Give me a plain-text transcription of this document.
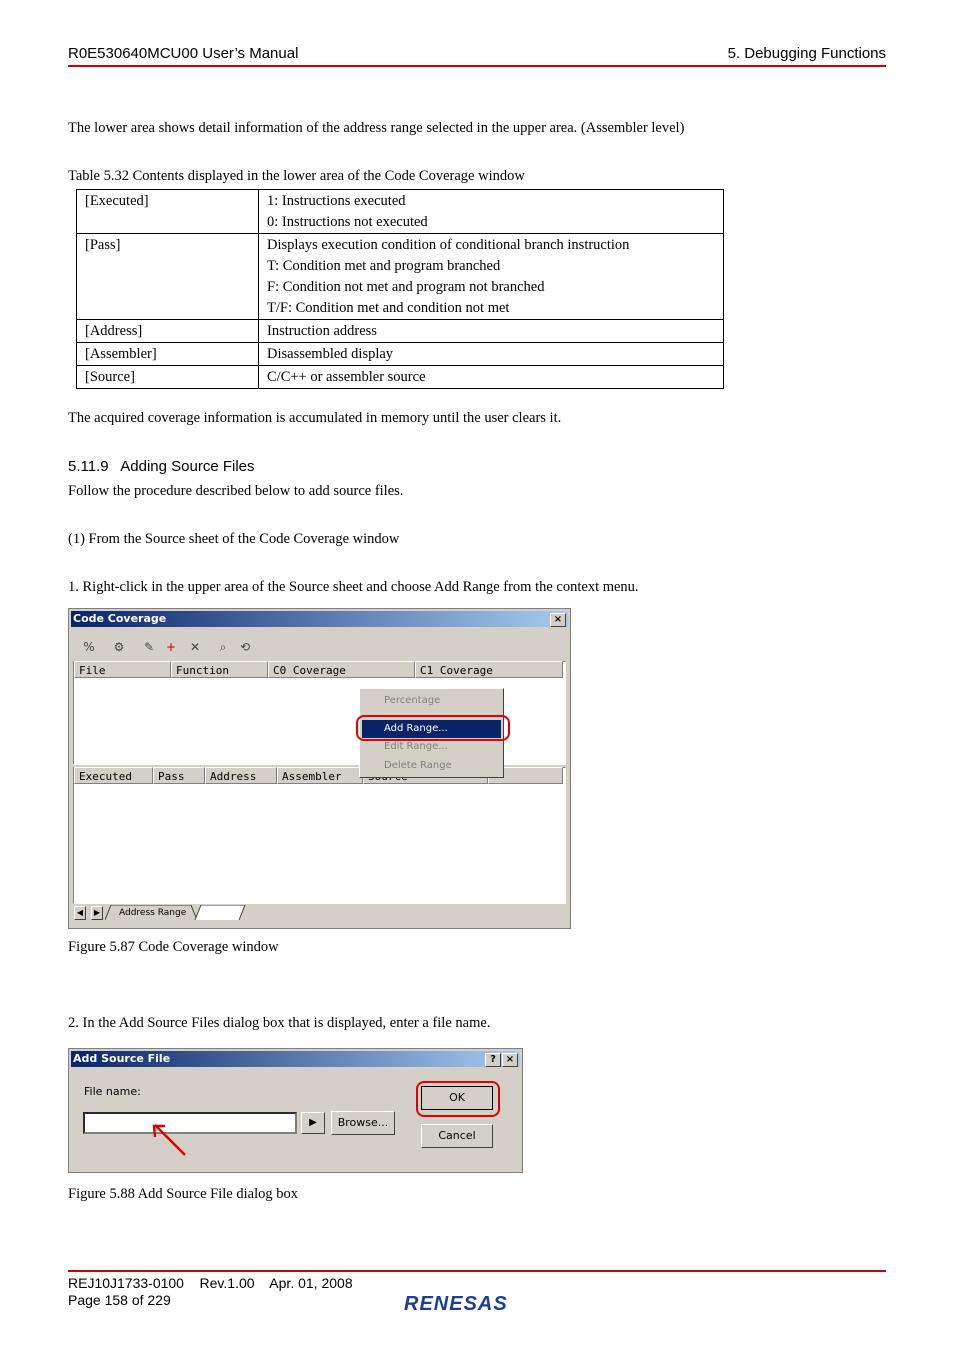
R0E530640MCU00 User’s Manual	5. Debugging Functions
The lower area shows detail information of the address range selected in the upper area. (Assembler level)
Table 5.32 Contents displayed in the lower area of the Code Coverage window
[Executed]	1: Instructions executed
0: Instructions not executed

[Pass]	Displays execution condition of conditional branch instruction
T: Condition met and program branched
F: Condition not met and program not branched
T/F: Condition met and condition not met

[Address]	Instruction address
[Assembler]	Disassembled display
[Source]	C/C++ or assembler source
The acquired coverage information is accumulated in memory until the user clears it.
5.11.9   Adding Source Files
Follow the procedure described below to add source files.
(1) From the Source sheet of the Code Coverage window
1. Right-click in the upper area of the Source sheet and choose Add Range from the context menu.
Code Coverage	×
%	⚙	✎ +	✕	⌕	⟲
File	Function	C0 Coverage	C1 Coverage
Executed	Pass	Address	Assembler
◀	▶	Address Range
Percentage
Add Range...
Edit Range...
Delete Range
Figure 5.87 Code Coverage window
2. In the Add Source Files dialog box that is displayed, enter a file name.
Add Source File	? ×
File name:
▶	Browse...
OK
Cancel
Figure 5.88 Add Source File dialog box
REJ10J1733-0100    Rev.1.00    Apr. 01, 2008
Page 158 of 229	RENESAS
